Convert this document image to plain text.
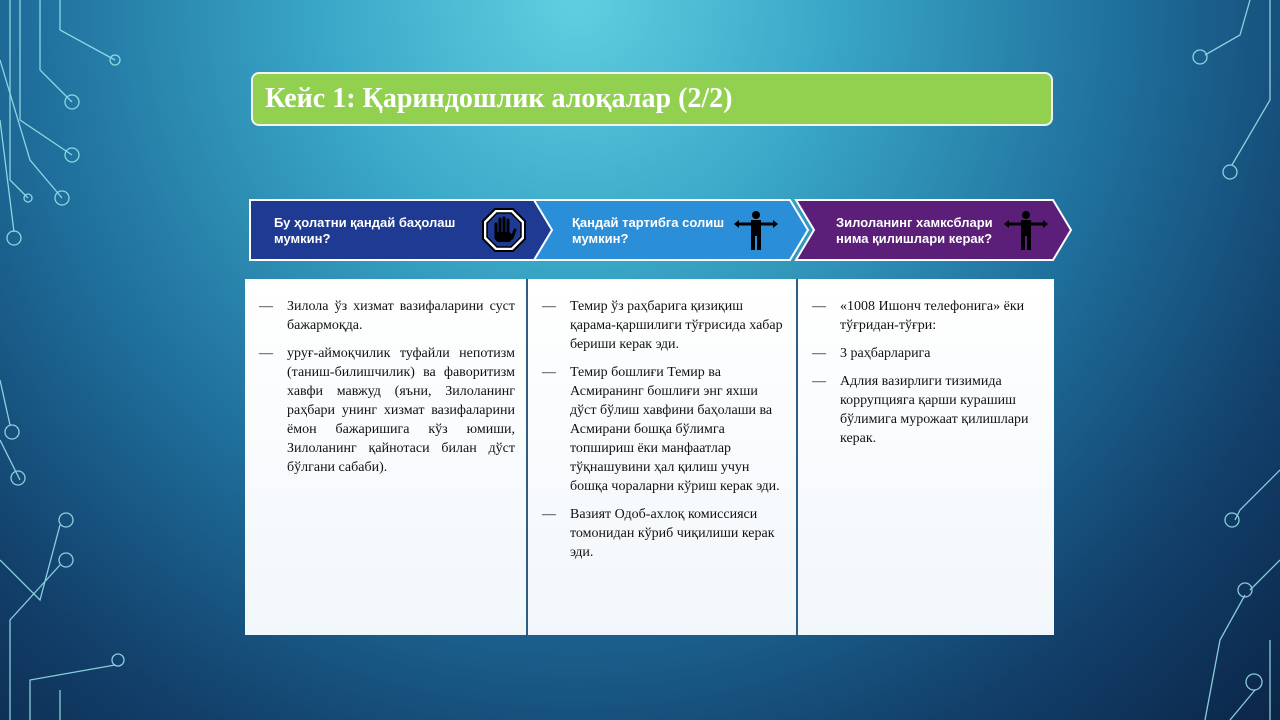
Кейс 1: Қариндошлик алоқалар (2/2)
Бу ҳолатни қандай баҳолаш
мумкин?
Қандай тартибга солиш
мумкин?
Зилоланинг хамксблари
нима қилишлари керак?
— Зилола ўз хизмат вазифаларини суст бажармоқда.
— уруғ-аймоқчилик туфайли непотизм (таниш-билишчилик) ва фаворитизм хавфи мавжуд (яъни, Зилоланинг раҳбари унинг хизмат вазифаларини ёмон бажаришига кўз юмиши, Зилоланинг қайнотаси билан дўст бўлгани сабаби).
— Темир ўз раҳбарига қизиқиш қарама-қаршилиги тўғрисида хабар бериши керак эди.
— Темир бошлиғи Темир ва Асмиранинг бошлиғи энг яхши дўст бўлиш хавфини баҳолаши ва Асмирани бошқа бўлимга топшириш ёки манфаатлар тўқнашувини ҳал қилиш учун бошқа чораларни кўриш керак эди.
— Вазият Одоб-ахлоқ комиссияси томонидан кўриб чиқилиши керак эди.
— «1008 Ишонч телефонига» ёки тўғридан-тўғри:
— 3 раҳбарларига
— Адлия вазирлиги тизимида коррупцияга қарши курашиш бўлимига мурожаат қилишлари керак.
